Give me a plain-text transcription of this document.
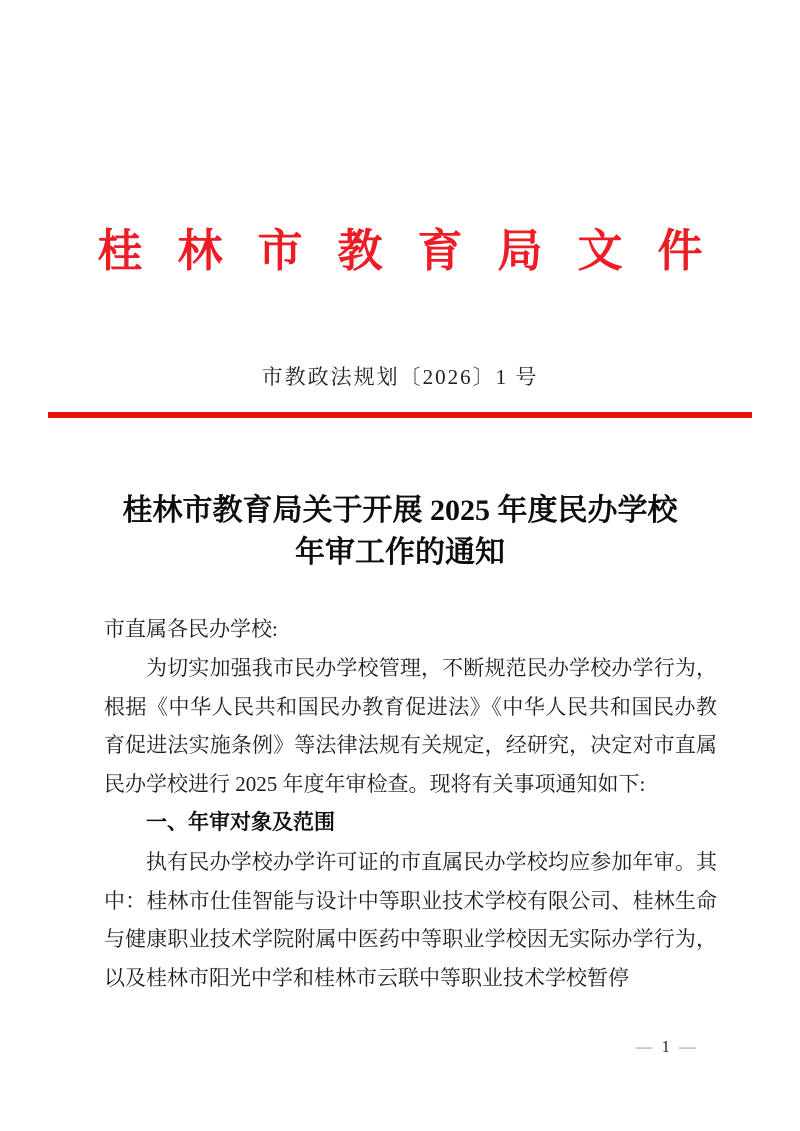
桂林市教育局文件
市教政法规划〔2026〕1 号
桂林市教育局关于开展 2025 年度民办学校
年审工作的通知

市直属各民办学校:

为切实加强我市民办学校管理，不断规范民办学校办学行为，根据《中华人民共和国民办教育促进法》《中华人民共和国民办教育促进法实施条例》等法律法规有关规定，经研究，决定对市直属民办学校进行 2025 年度年审检查。现将有关事项通知如下:

一、年审对象及范围

执有民办学校办学许可证的市直属民办学校均应参加年审。其中：桂林市仕佳智能与设计中等职业技术学校有限公司、桂林生命与健康职业技术学院附属中医药中等职业学校因无实际办学行为，以及桂林市阳光中学和桂林市云联中等职业技术学校暂停

— 1 —
